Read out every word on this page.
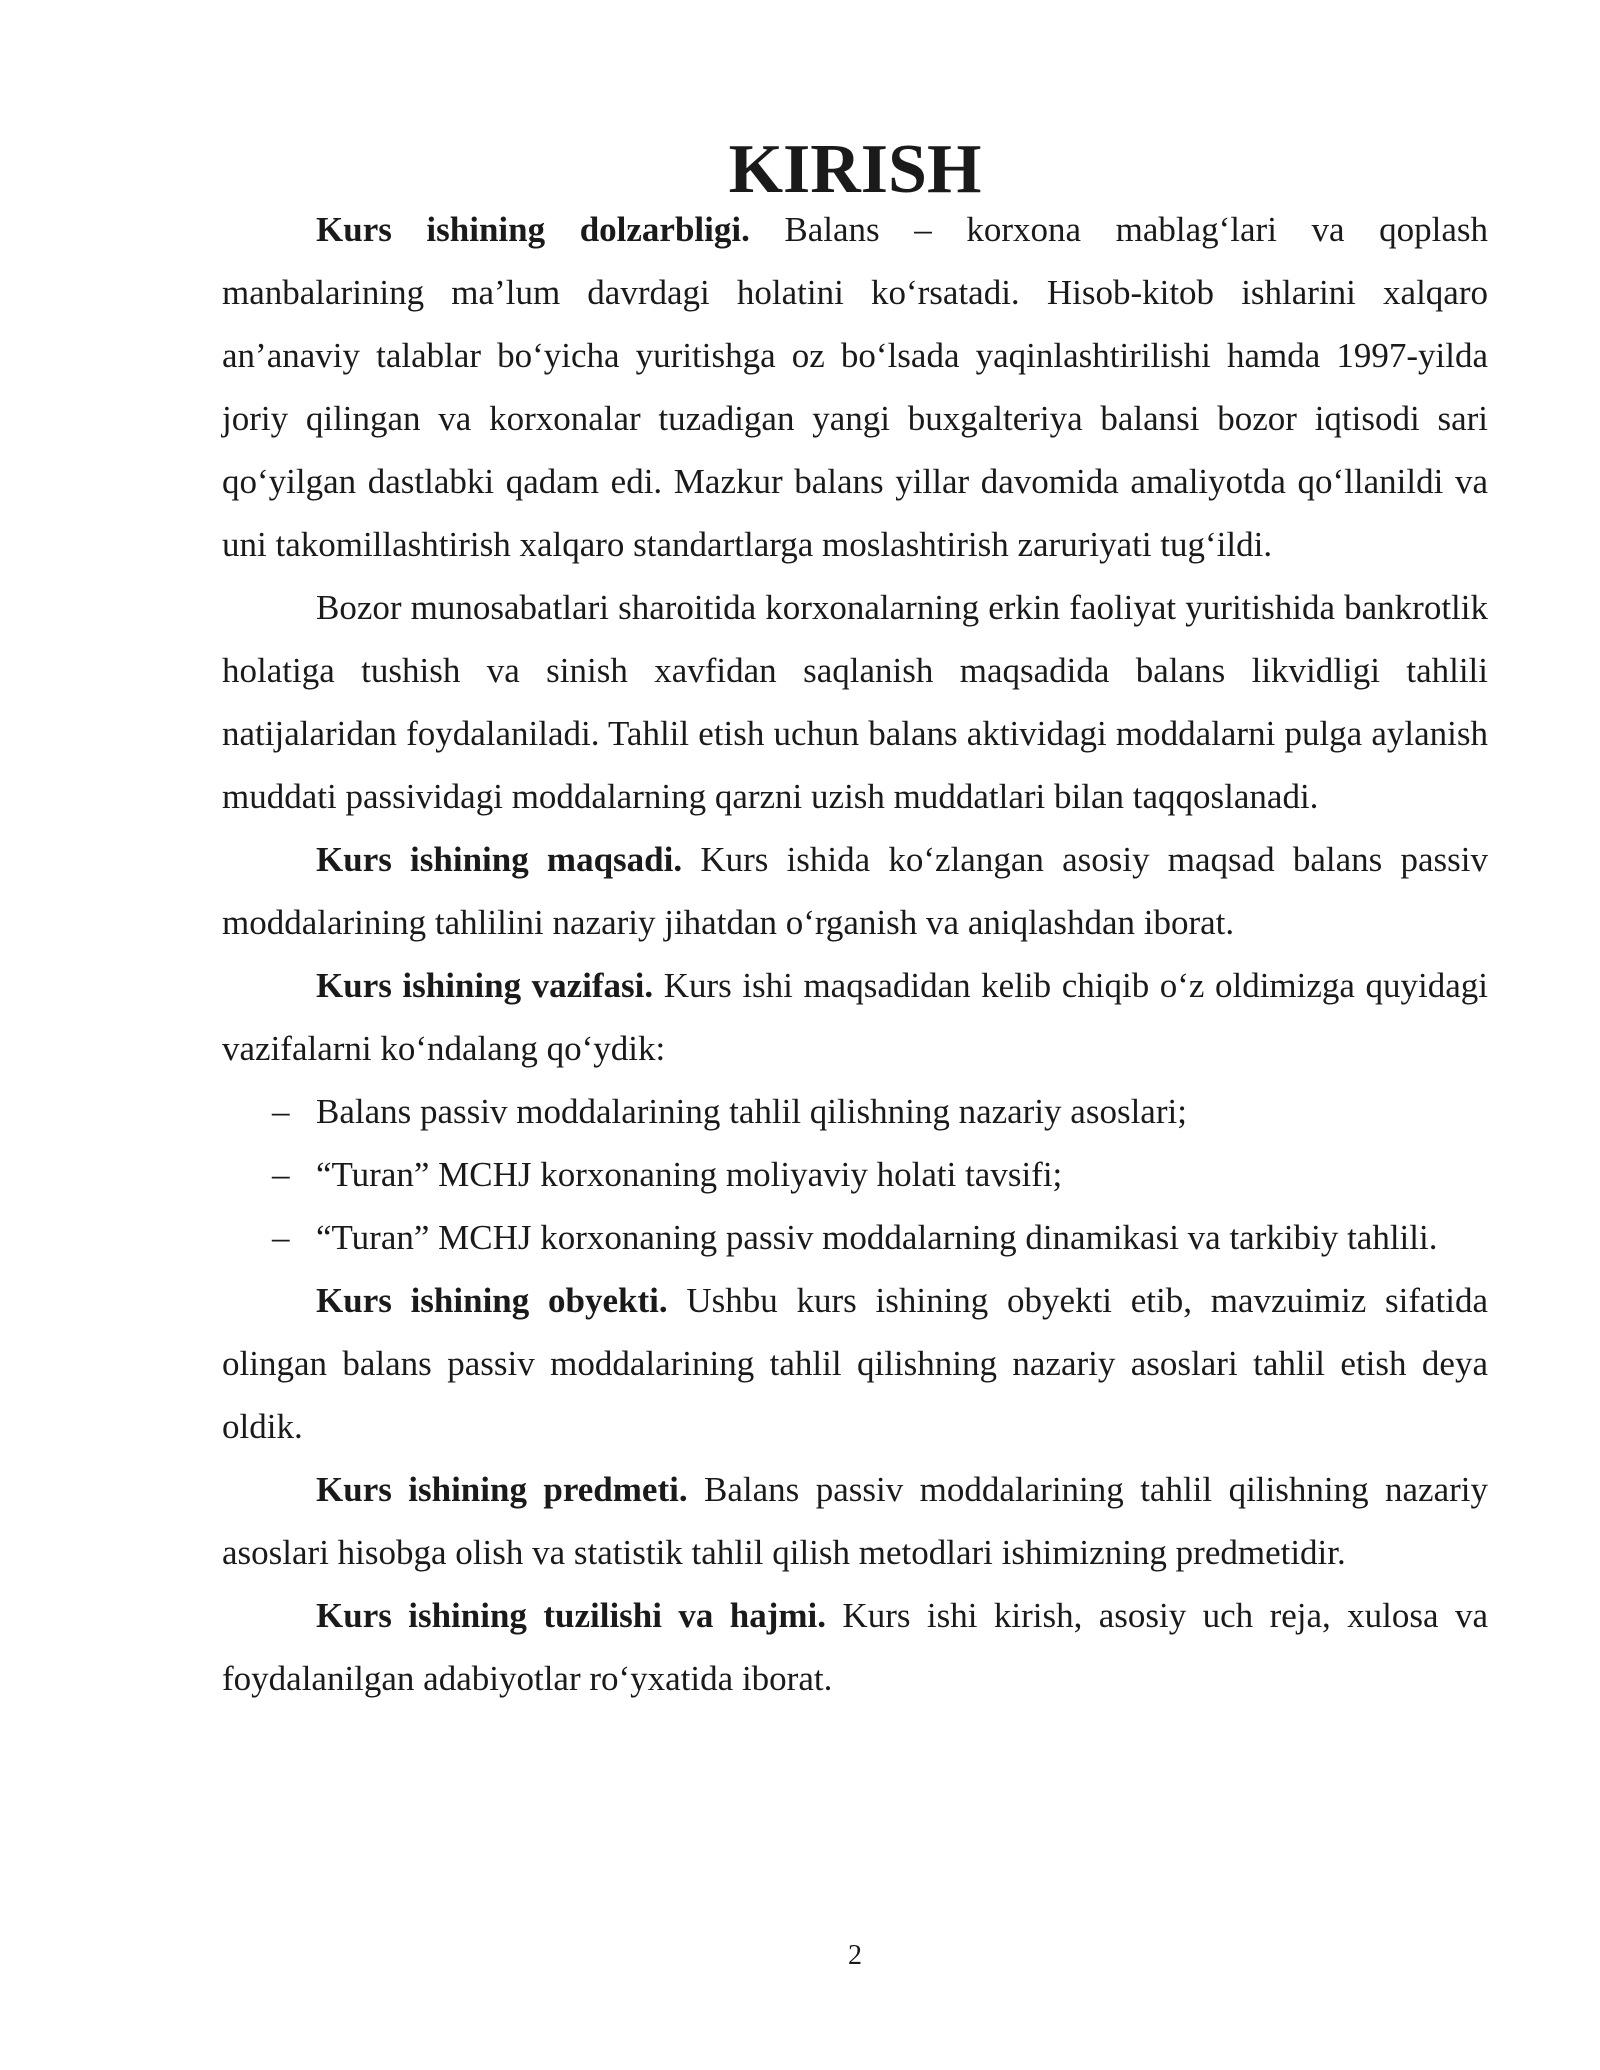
KIRISH

Kurs ishining dolzarbligi. Balans – korxona mablag‘lari va qoplash manbalarining ma’lum davrdagi holatini ko‘rsatadi. Hisob-kitob ishlarini xalqaro an’anaviy talablar bo‘yicha yuritishga oz bo‘lsada yaqinlashtirilishi hamda 1997-yilda joriy qilingan va korxonalar tuzadigan yangi buxgalteriya balansi bozor iqtisodi sari qo‘yilgan dastlabki qadam edi. Mazkur balans yillar davomida amaliyotda qo‘llanildi va uni takomillashtirish xalqaro standartlarga moslashtirish zaruriyati tug‘ildi.

Bozor munosabatlari sharoitida korxonalarning erkin faoliyat yuritishida bankrotlik holatiga tushish va sinish xavfidan saqlanish maqsadida balans likvidligi tahlili natijalaridan foydalaniladi. Tahlil etish uchun balans aktividagi moddalarni pulga aylanish muddati passividagi moddalarning qarzni uzish muddatlari bilan taqqoslanadi.

Kurs ishining maqsadi. Kurs ishida ko‘zlangan asosiy maqsad balans passiv moddalarining tahlilini nazariy jihatdan o‘rganish va aniqlashdan iborat.

Kurs ishining vazifasi. Kurs ishi maqsadidan kelib chiqib o‘z oldimizga quyidagi vazifalarni ko‘ndalang qo‘ydik:

– Balans passiv moddalarining tahlil qilishning nazariy asoslari;
– “Turan” MCHJ korxonaning moliyaviy holati tavsifi;
– “Turan” MCHJ korxonaning passiv moddalarning dinamikasi va tarkibiy tahlili.

Kurs ishining obyekti. Ushbu kurs ishining obyekti etib, mavzuimiz sifatida olingan balans passiv moddalarining tahlil qilishning nazariy asoslari tahlil etish deya oldik.

Kurs ishining predmeti. Balans passiv moddalarining tahlil qilishning nazariy asoslari hisobga olish va statistik tahlil qilish metodlari ishimizning predmetidir.

Kurs ishining tuzilishi va hajmi. Kurs ishi kirish, asosiy uch reja, xulosa va foydalanilgan adabiyotlar ro‘yxatida iborat.

2
